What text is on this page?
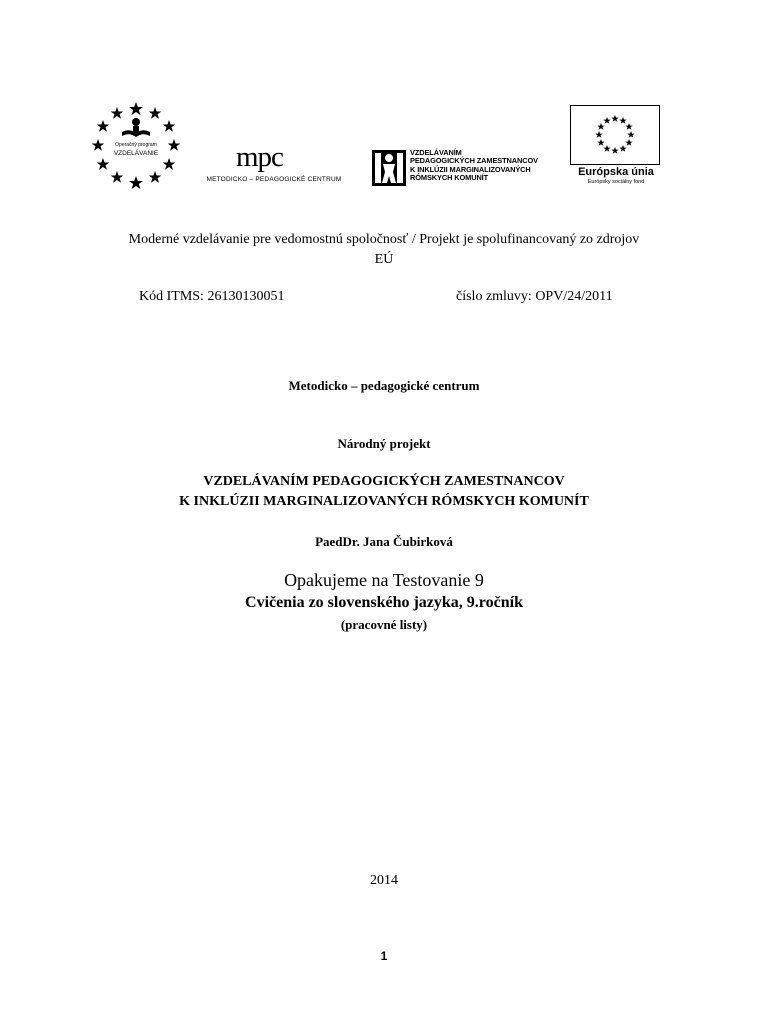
Operačný program
VZDELÁVANIE	mpc
METODICKO – PEDAGOGICKÉ CENTRUM
VZDELÁVANÍM
PEDAGOGICKÝCH ZAMESTNANCOV
K INKLÚZII MARGINALIZOVANÝCH
RÓMSKYCH KOMUNÍT	Európska únia
Európsky sociálny fond
Moderné vzdelávanie pre vedomostnú spoločnosť / Projekt je spolufinancovaný zo zdrojov
EÚ
Kód ITMS: 26130130051	číslo zmluvy: OPV/24/2011
Metodicko – pedagogické centrum
Národný projekt
VZDELÁVANÍM PEDAGOGICKÝCH ZAMESTNANCOV
K INKLÚZII MARGINALIZOVANÝCH RÓMSKYCH KOMUNÍT
PaedDr. Jana Čubirková
Opakujeme na Testovanie 9
Cvičenia zo slovenského jazyka, 9.ročník
(pracovné listy)
2014
1
